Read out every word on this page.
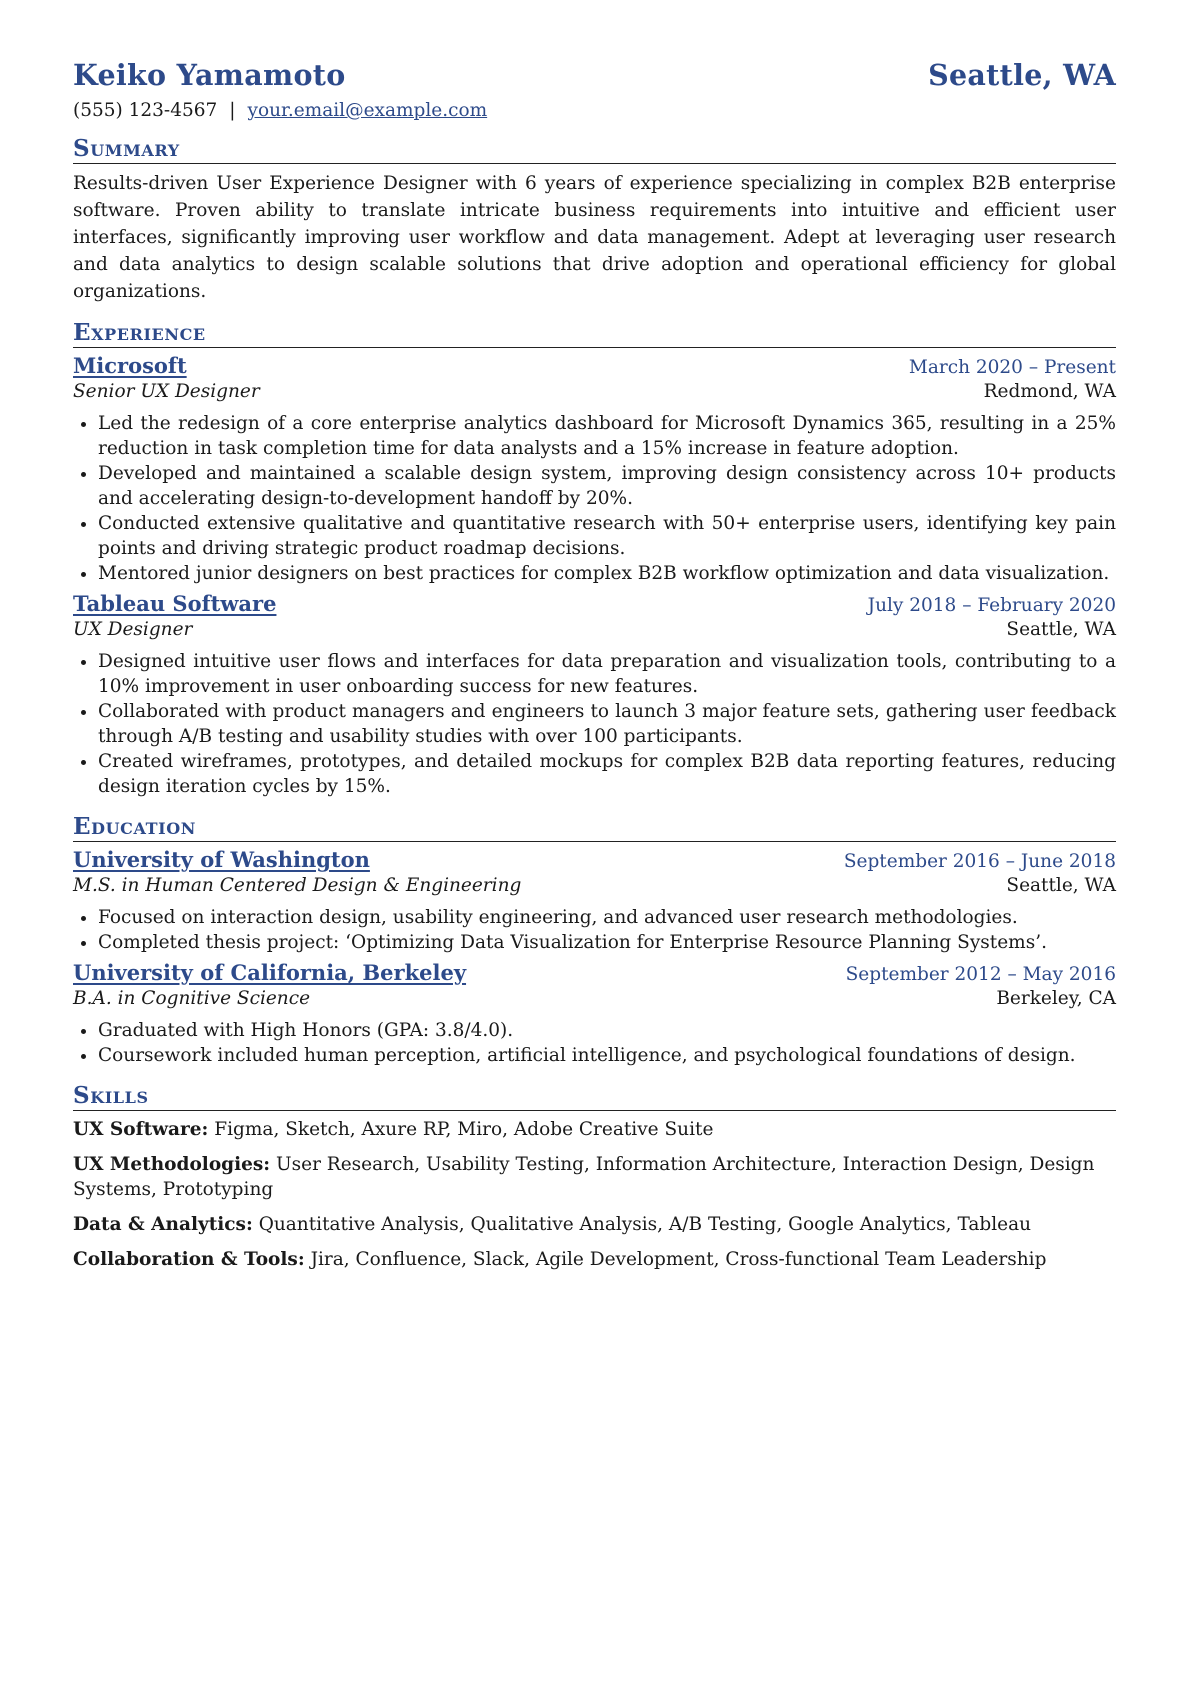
Keiko Yamamoto	Seattle, WA
(555) 123-4567 | your.email@example.com
Summary
Results-driven User Experience Designer with 6 years of experience specializing in complex B2B enterprise software. Proven ability to translate intricate business requirements into intuitive and efficient user interfaces, significantly improving user workflow and data management. Adept at leveraging user research and data analytics to design scalable solutions that drive adoption and operational efficiency for global organizations.
Experience
Microsoft	March 2020 – Present
Senior UX Designer	Redmond, WA
• Led the redesign of a core enterprise analytics dashboard for Microsoft Dynamics 365, resulting in a 25% reduction in task completion time for data analysts and a 15% increase in feature adoption.
• Developed and maintained a scalable design system, improving design consistency across 10+ products and accelerating design-to-development handoff by 20%.
• Conducted extensive qualitative and quantitative research with 50+ enterprise users, identifying key pain points and driving strategic product roadmap decisions.
• Mentored junior designers on best practices for complex B2B workflow optimization and data visualization.
Tableau Software	July 2018 – February 2020
UX Designer	Seattle, WA
• Designed intuitive user flows and interfaces for data preparation and visualization tools, contributing to a 10% improvement in user onboarding success for new features.
• Collaborated with product managers and engineers to launch 3 major feature sets, gathering user feedback through A/B testing and usability studies with over 100 participants.
• Created wireframes, prototypes, and detailed mockups for complex B2B data reporting features, reducing design iteration cycles by 15%.
Education
University of Washington	September 2016 – June 2018
M.S. in Human Centered Design & Engineering	Seattle, WA
• Focused on interaction design, usability engineering, and advanced user research methodologies.
• Completed thesis project: ‘Optimizing Data Visualization for Enterprise Resource Planning Systems’.
University of California, Berkeley	September 2012 – May 2016
B.A. in Cognitive Science	Berkeley, CA
• Graduated with High Honors (GPA: 3.8/4.0).
• Coursework included human perception, artificial intelligence, and psychological foundations of design.
Skills
UX Software: Figma, Sketch, Axure RP, Miro, Adobe Creative Suite
UX Methodologies: User Research, Usability Testing, Information Architecture, Interaction Design, Design Systems, Prototyping
Data & Analytics: Quantitative Analysis, Qualitative Analysis, A/B Testing, Google Analytics, Tableau
Collaboration & Tools: Jira, Confluence, Slack, Agile Development, Cross-functional Team Leadership
